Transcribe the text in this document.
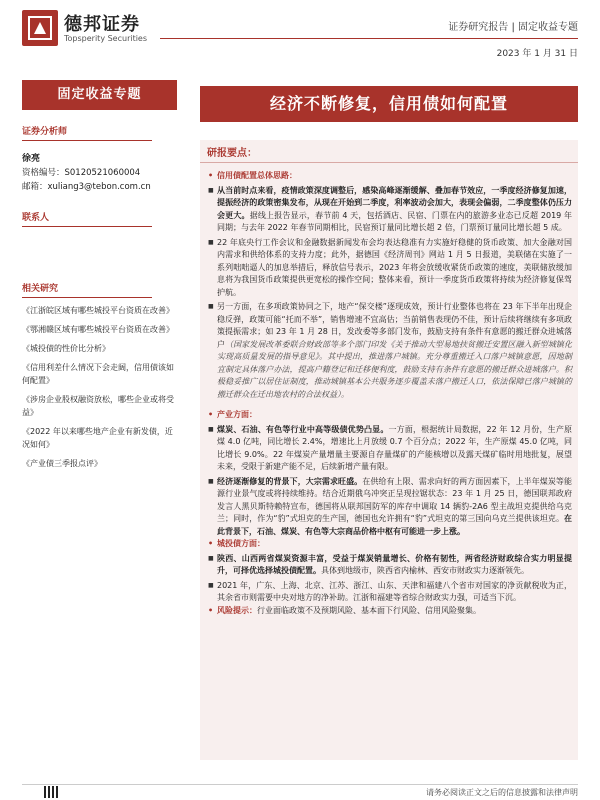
德邦证券
Topsperity Securities
证券研究报告 | 固定收益专题
2023 年 1 月 31 日
固定收益专题
证券分析师
徐亮
资格编号：S0120521060004
邮箱：xuliang3@tebon.com.cn
联系人
相关研究
《江浙皖区域有哪些城投平台资质在改善》
《鄂湘赣区域有哪些城投平台资质在改善》
《城投债的性价比分析》
《信用利差什么情况下会走阔，信用债该如何配置》
《涉房企业股权融资放松，哪些企业或将受益》
《2022 年以来哪些地产企业有新发债，近况如何》
《产业债三季报点评》
经济不断修复，信用债如何配置
研报要点：
• 信用债配置总体思路：
■ 从当前时点来看，疫情政策深度调整后，感染高峰逐渐缓解、叠加春节效应，一季度经济修复加速，提振经济的政策密集发布，从现在开始到二季度，利率波动会加大，表现会偏弱，二季度整体仍压力会更大。据线上报告显示，春节前 4 天，包括酒店、民宿、门票在内的旅游多业态已反超 2019 年同期；与去年 2022 年春节同期相比，民宿预订量同比增长超 2 倍，门票预订量同比增长超 5 成。
■ 22 年底央行工作会议和金融数据新闻发布会均表达稳准有力实施好稳健的货币政策、加大金融对国内需求和供给体系的支持力度；此外，据德国《经济周刊》网站 1 月 5 日报道，美联储在实施了一系列咄咄逼人的加息举措后，释放信号表示，2023 年将会放缓收紧货币政策的速度，美联储放缓加息将为我国货币政策提供更宽松的操作空间；整体来看，预计一季度货币政策将持续为经济修复保驾护航。
■ 另一方面，在多项政策协同之下，地产“保交楼”逐现成效，预计行业整体也将在 23 年下半年出现企稳反弹，政策可能“托而不举”，销售增速不宜高估；当前销售表现仍不佳，预计后续将继续有多项政策提振需求；如 23 年 1 月 28 日，发改委等多部门发布，鼓励支持有条件有意愿的搬迁群众进城落户（国家发展改革委联合财政部等多个部门印发《关于推动大型易地扶贫搬迁安置区融入新型城镇化实现高质量发展的指导意见》。其中提出，推进落户城镇。充分尊重搬迁入口落户城镇意愿，因地制宜制定具体落户办法，提高户籍登记和迁移便利度，鼓励支持有条件有意愿的搬迁群众进城落户。积极稳妥推广以居住证制度，推动城镇基本公共服务逐步覆盖未落户搬迁人口，依法保障已落户城镇的搬迁群众在迁出地农村的合法权益）。
• 产业方面：
■ 煤炭、石油、有色等行业中高等级债优势凸显。一方面，根据统计局数据，22 年 12 月份，生产原煤 4.0 亿吨，同比增长 2.4%，增速比上月放缓 0.7 个百分点；2022 年，生产原煤 45.0 亿吨，同比增长 9.0%。22 年煤炭产量增量主要源自存量煤矿的产能核增以及露天煤矿临时用地批复，展望未来，受限于新建产能不足，后续新增产量有限。
■ 经济逐渐修复的背景下，大宗需求旺盛。在供给有上限、需求向好的两方面因素下，上半年煤炭等能源行业景气度或将持续维持。结合近期俄乌冲突正呈现拉锯状态：23 年 1 月 25 日，德国联邦政府发言人黑贝斯特赖特宣布，德国将从联邦国防军的库存中调取 14 辆豹-2A6 型主战坦克提供给乌克兰；同时，作为“豹”式坦克的生产国，德国也允许拥有“豹”式坦克的第三国向乌克兰提供该坦克。在此背景下，石油、煤炭、有色等大宗商品价格中枢有可能进一步上涨。
• 城投债方面：
■ 陕西、山西两省煤炭资源丰富，受益于煤炭销量增长、价格有韧性，两省经济财政综合实力明显提升，可择优选择城投债配置。具体到地级市，陕西省内榆林、西安市财政实力逐渐领先。
■ 2021 年，广东、上海、北京、江苏、浙江、山东、天津和福建八个省市对国家的净贡献税收为正，其余省市则需要中央对地方的净补助。江浙和福建等省综合财政实力强，可适当下沉。
• 风险提示：行业面临政策不及预期风险、基本面下行风险、信用风险聚集。
请务必阅读正文之后的信息披露和法律声明
